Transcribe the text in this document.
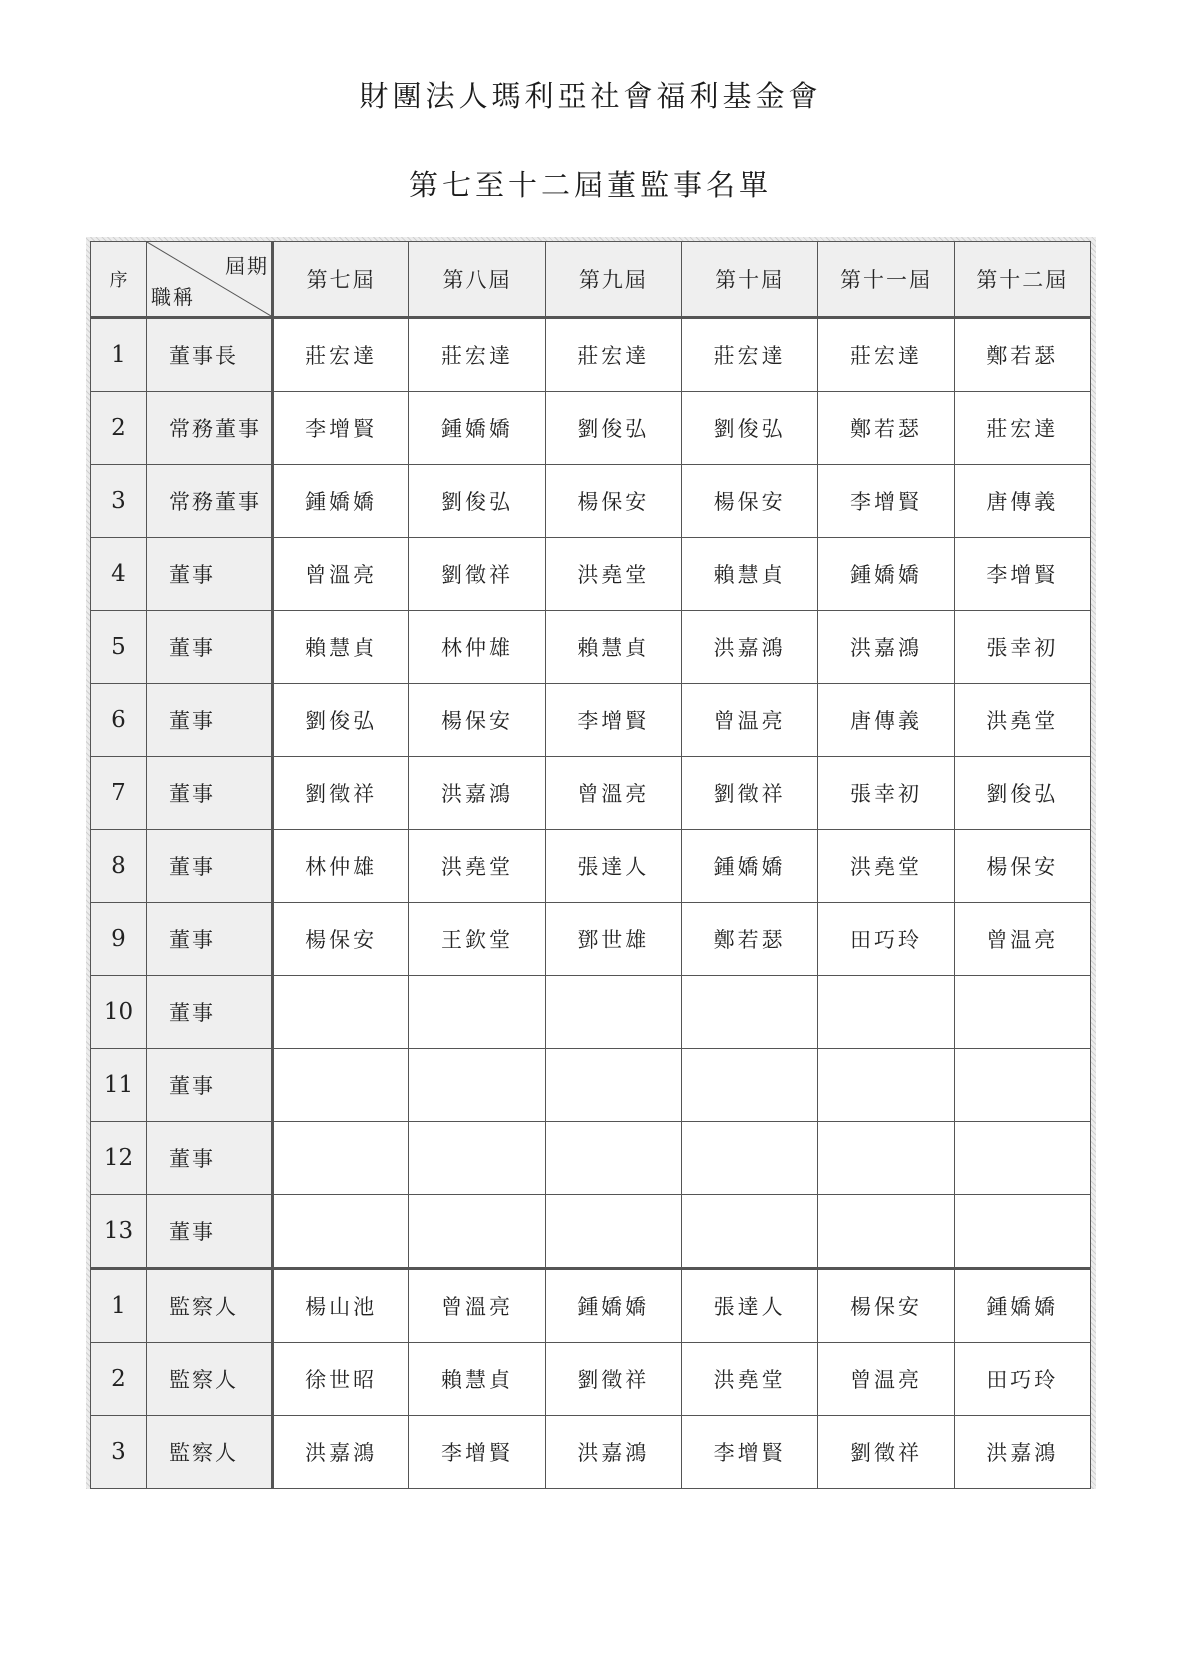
財團法人瑪利亞社會福利基金會
第七至十二屆董監事名單
序	屆期
職稱	第七屆	第八屆	第九屆	第十屆	第十一屆	第十二屆
1	董事長	莊宏達	莊宏達	莊宏達	莊宏達	莊宏達	鄭若瑟
2	常務董事	李增賢	鍾嬌嬌	劉俊弘	劉俊弘	鄭若瑟	莊宏達
3	常務董事	鍾嬌嬌	劉俊弘	楊保安	楊保安	李增賢	唐傳義
4	董事	曾溫亮	劉徵祥	洪堯堂	賴慧貞	鍾嬌嬌	李增賢
5	董事	賴慧貞	林仲雄	賴慧貞	洪嘉鴻	洪嘉鴻	張幸初
6	董事	劉俊弘	楊保安	李增賢	曾温亮	唐傳義	洪堯堂
7	董事	劉徵祥	洪嘉鴻	曾溫亮	劉徵祥	張幸初	劉俊弘
8	董事	林仲雄	洪堯堂	張達人	鍾嬌嬌	洪堯堂	楊保安
9	董事	楊保安	王欽堂	鄧世雄	鄭若瑟	田巧玲	曾温亮
10	董事						
11	董事						
12	董事						
13	董事						
1	監察人	楊山池	曾溫亮	鍾嬌嬌	張達人	楊保安	鍾嬌嬌
2	監察人	徐世昭	賴慧貞	劉徵祥	洪堯堂	曾温亮	田巧玲
3	監察人	洪嘉鴻	李增賢	洪嘉鴻	李增賢	劉徵祥	洪嘉鴻
